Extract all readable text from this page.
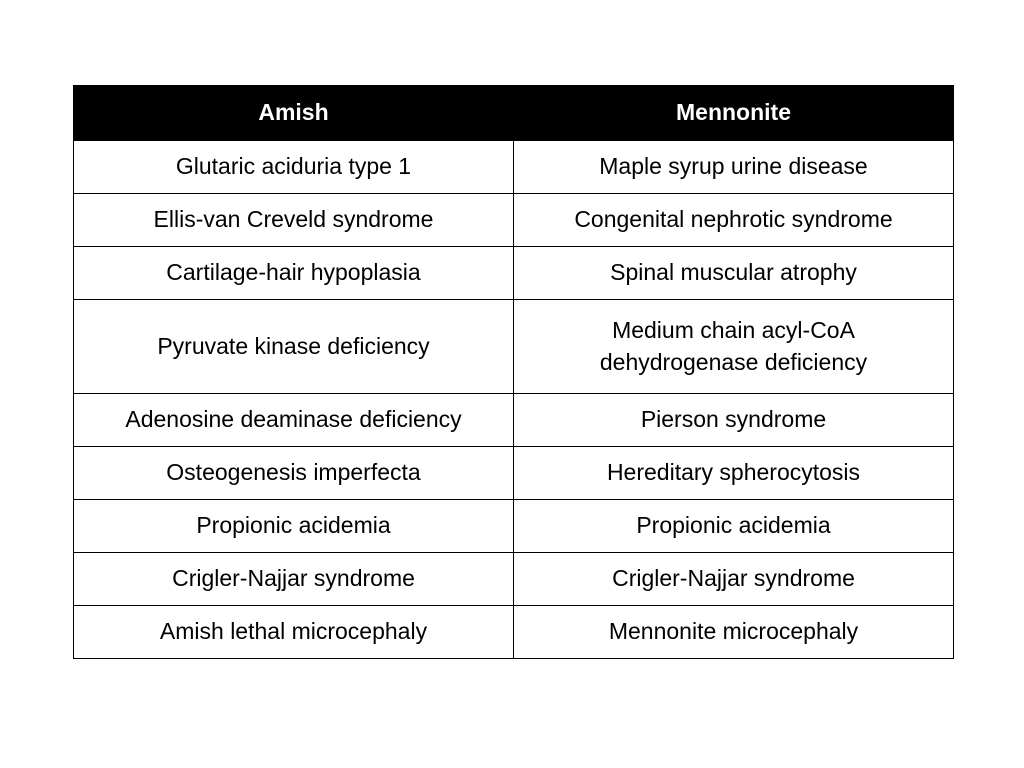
Amish	Mennonite
Glutaric aciduria type 1	Maple syrup urine disease

Ellis-van Creveld syndrome	Congenital nephrotic syndrome

Cartilage-hair hypoplasia	Spinal muscular atrophy

Pyruvate kinase deficiency	Medium chain acyl-CoA
dehydrogenase deficiency

Adenosine deaminase deficiency	Pierson syndrome

Osteogenesis imperfecta	Hereditary spherocytosis

Propionic acidemia	Propionic acidemia

Crigler-Najjar syndrome	Crigler-Najjar syndrome

Amish lethal microcephaly	Mennonite microcephaly
